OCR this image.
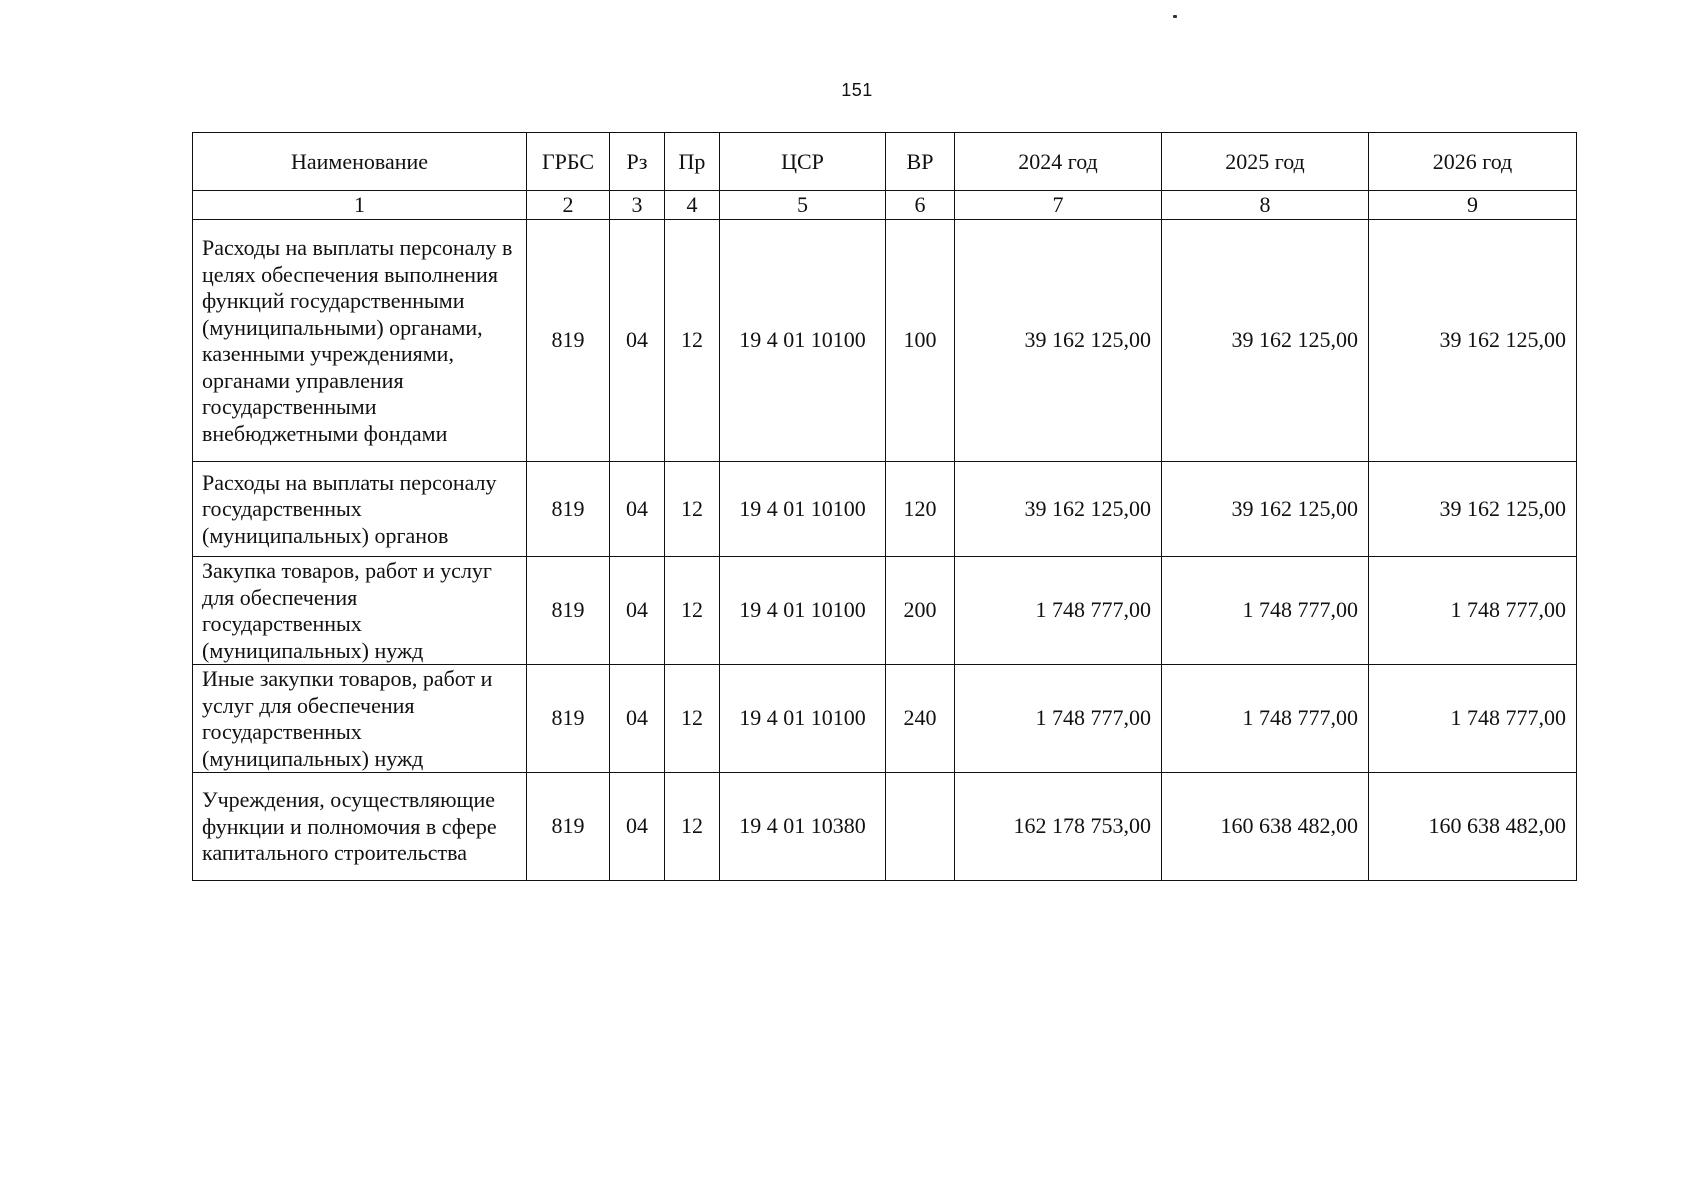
151
Наименование	ГРБС	Рз	Пр	ЦСР	ВР	2024 год	2025 год	2026 год
1	2	3	4	5	6	7	8	9
Расходы на выплаты персоналу в целях обеспечения выполнения функций государственными (муниципальными) органами, казенными учреждениями, органами управления государственными внебюджетными фондами	819	04	12	19 4 01 10100	100	39 162 125,00	39 162 125,00	39 162 125,00
Расходы на выплаты персоналу государственных (муниципальных) органов	819	04	12	19 4 01 10100	120	39 162 125,00	39 162 125,00	39 162 125,00
Закупка товаров, работ и услуг для обеспечения государственных (муниципальных) нужд	819	04	12	19 4 01 10100	200	1 748 777,00	1 748 777,00	1 748 777,00
Иные закупки товаров, работ и услуг для обеспечения государственных (муниципальных) нужд	819	04	12	19 4 01 10100	240	1 748 777,00	1 748 777,00	1 748 777,00
Учреждения, осуществляющие функции и полномочия в сфере капитального строительства	819	04	12	19 4 01 10380		162 178 753,00	160 638 482,00	160 638 482,00
